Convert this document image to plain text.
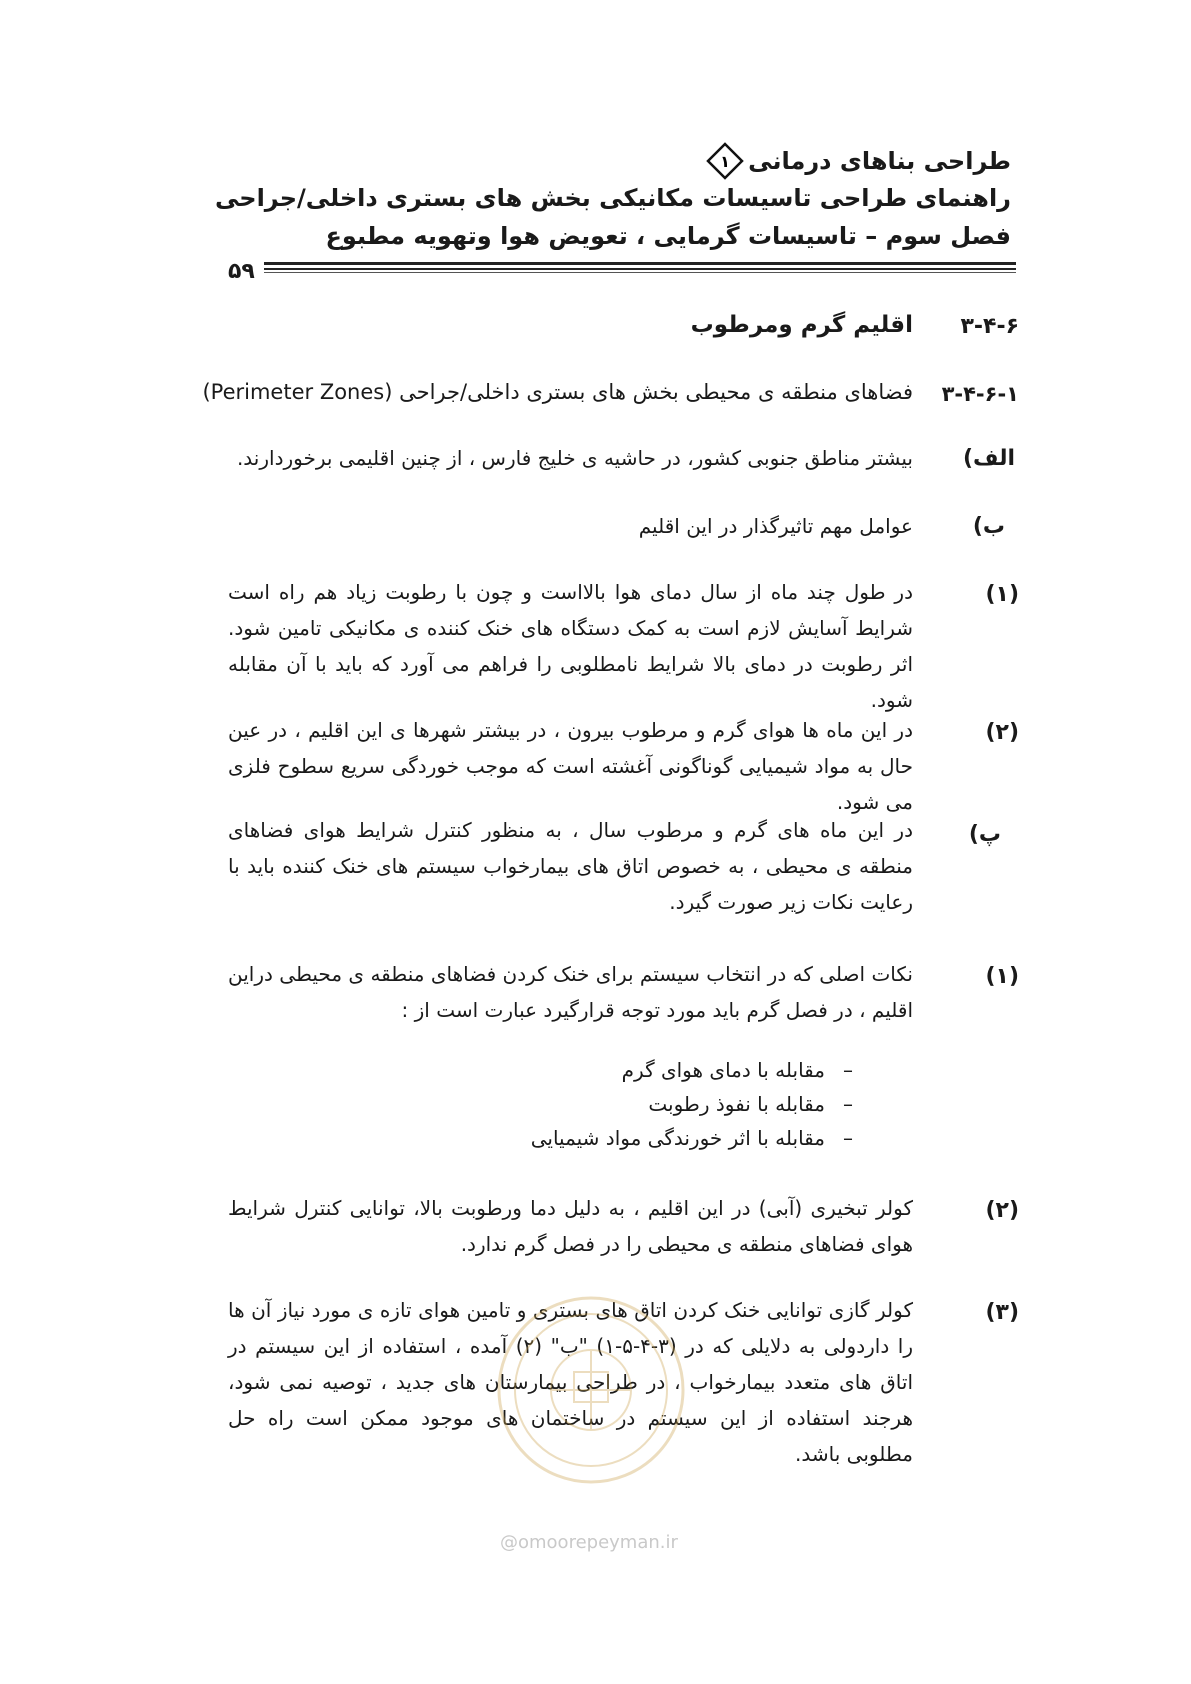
طراحی بناهای درمانی
۱
راهنمای طراحی تاسیسات مکانیکی بخش های بستری داخلی/جراحی
فصل سوم – تاسیسات گرمایی ، تعویض هوا وتهویه مطبوع
۵۹
۳-۴-۶
اقلیم گرم ومرطوب
۳-۴-۶-۱
فضاهای منطقه ی محیطی بخش های بستری داخلی/جراحی (Perimeter Zones)
الف)
بیشتر مناطق جنوبی کشور، در حاشیه ی خلیج فارس ، از چنین اقلیمی برخوردارند.
ب)
عوامل مهم تاثیرگذار در این اقلیم
(۱)
در طول چند ماه از سال دمای هوا بالااست و چون با رطوبت زیاد هم راه است شرایط آسایش لازم است به کمک دستگاه های خنک کننده ی مکانیکی تامین شود. اثر رطوبت در دمای بالا شرایط نامطلوبی را فراهم می آورد که باید با آن مقابله شود.
(۲)
در این ماه ها هوای گرم و مرطوب بیرون ، در بیشتر شهرها ی این اقلیم ، در عین حال به مواد شیمیایی گوناگونی آغشته است که موجب خوردگی سریع سطوح فلزی می شود.
پ)
در این ماه های گرم و مرطوب سال ، به منظور کنترل شرایط هوای فضاهای منطقه ی محیطی ، به خصوص اتاق های بیمارخواب سیستم های خنک کننده باید با رعایت نکات زیر صورت گیرد.
(۱)
نکات اصلی که در انتخاب سیستم برای خنک کردن فضاهای منطقه ی محیطی دراین اقلیم ، در فصل گرم باید مورد توجه قرارگیرد عبارت است از :
–مقابله با دمای هوای گرم
–مقابله با نفوذ رطوبت
–مقابله با اثر خورندگی مواد شیمیایی
(۲)
کولر تبخیری (آبی) در این اقلیم ، به دلیل دما ورطوبت بالا، توانایی کنترل شرایط هوای فضاهای منطقه ی محیطی را در فصل گرم ندارد.
(۳)
کولر گازی توانایی خنک کردن اتاق های بستری و تامین هوای تازه ی مورد نیاز آن ها را داردولی به دلایلی که در (۳-۴-۵-۱) "ب" (۲) آمده ، استفاده از این سیستم در اتاق های متعدد بیمارخواب ، در طراحی بیمارستان های جدید ، توصیه نمی شود، هرجند استفاده از این سیستم در ساختمان های موجود ممکن است راه حل مطلوبی باشد.
@omoorepeyman.ir
